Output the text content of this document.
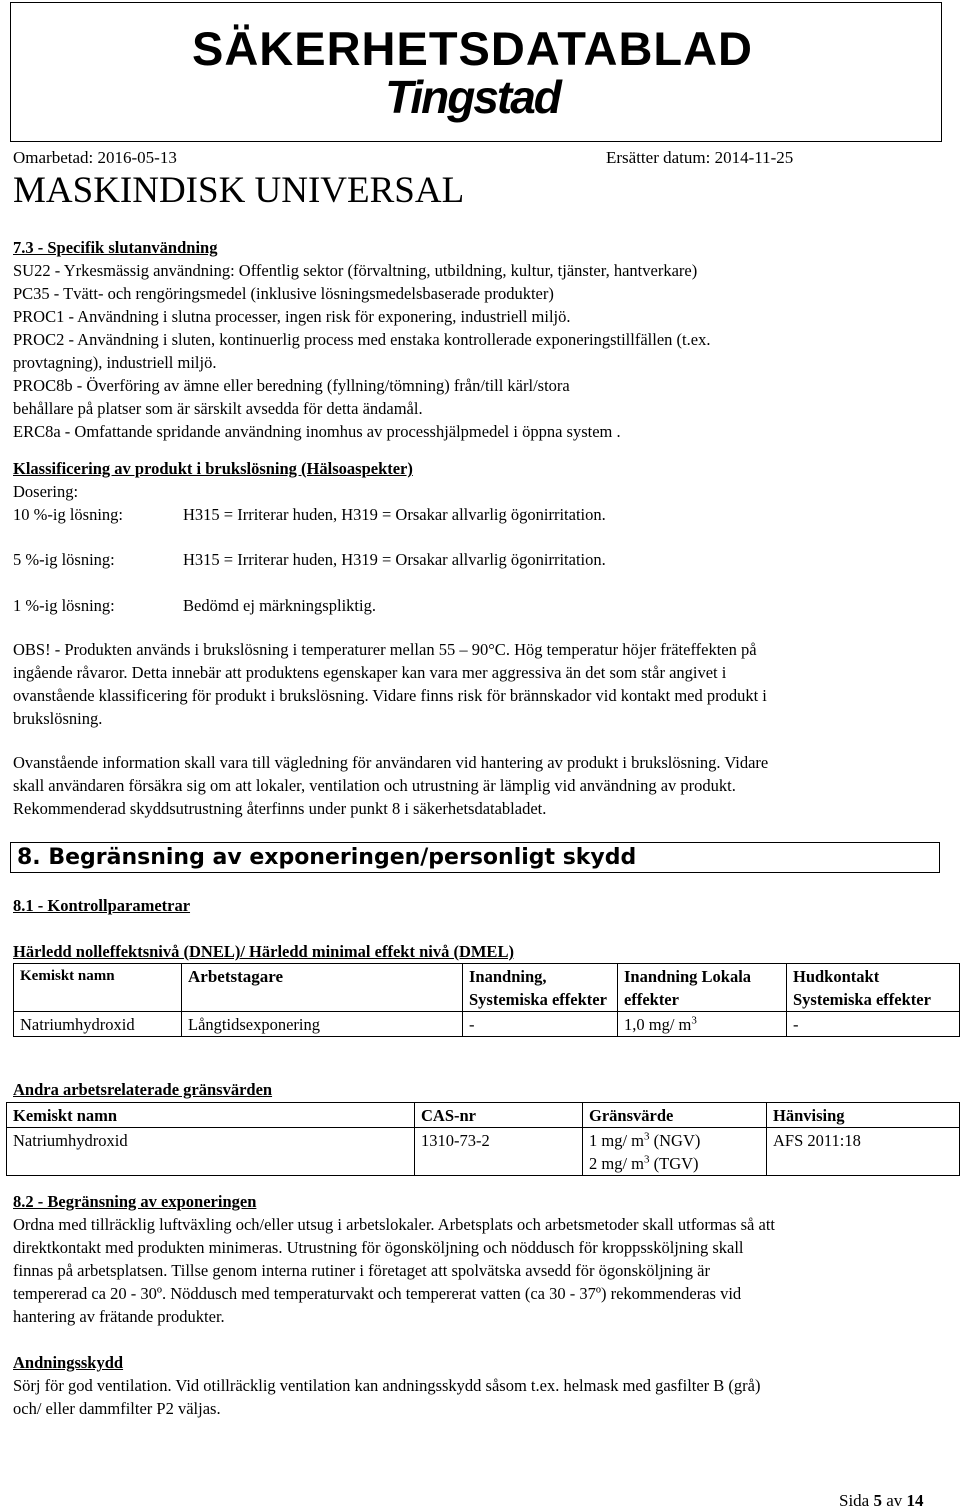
SÄKERHETSDATABLAD
Tingstad
Omarbetad: 2016-05-13	Ersätter datum: 2014-11-25
MASKINDISK UNIVERSAL

7.3 - Specifik slutanvändning

SU22 - Yrkesmässig användning: Offentlig sektor (förvaltning, utbildning, kultur, tjänster, hantverkare)

PC35 - Tvätt- och rengöringsmedel (inklusive lösningsmedelsbaserade produkter)

PROC1 - Användning i slutna processer, ingen risk för exponering, industriell miljö.

PROC2 - Användning i sluten, kontinuerlig process med enstaka kontrollerade exponeringstillfällen (t.ex.

provtagning), industriell miljö.

PROC8b - Överföring av ämne eller beredning (fyllning/tömning) från/till kärl/stora

behållare på platser som är särskilt avsedda för detta ändamål.

ERC8a - Omfattande spridande användning inomhus av processhjälpmedel i öppna system .

Klassificering av produkt i brukslösning (Hälsoaspekter)

Dosering:

10 %-ig lösning:	H315 = Irriterar huden, H319 = Orsakar allvarlig ögonirritation.
5 %-ig lösning:	H315 = Irriterar huden, H319 = Orsakar allvarlig ögonirritation.
1 %-ig lösning:	Bedömd ej märkningspliktig.

OBS! - Produkten används i brukslösning i temperaturer mellan 55 – 90°C. Hög temperatur höjer fräteffekten på

ingående råvaror. Detta innebär att produktens egenskaper kan vara mer aggressiva än det som står angivet i

ovanstående klassificering för produkt i brukslösning. Vidare finns risk för brännskador vid kontakt med produkt i

brukslösning.

Ovanstående information skall vara till vägledning för användaren vid hantering av produkt i brukslösning. Vidare

skall användaren försäkra sig om att lokaler, ventilation och utrustning är lämplig vid användning av produkt.

Rekommenderad skyddsutrustning återfinns under punkt 8 i säkerhetsdatabladet.

8. Begränsning av exponeringen/personligt skydd
8.1 - Kontrollparametrar
Härledd nolleffektsnivå (DNEL)/ Härledd minimal effekt nivå (DMEL)
Kemiskt namn	Arbetstagare	Inandning, Systemiska effekter	Inandning Lokala effekter	Hudkontakt Systemiska effekter
Natriumhydroxid	Långtidsexponering	-	1,0 mg/ $m^3$	-
Andra arbetsrelaterade gränsvärden
Kemiskt namn	CAS-nr	Gränsvärde	Hänvising
Natriumhydroxid	1310-73-2	1 mg/ $m^3$ (NGV)
2 mg/ $m^3$ (TGV)	AFS 2011:18

8.2 - Begränsning av exponeringen

Ordna med tillräcklig luftväxling och/eller utsug i arbetslokaler. Arbetsplats och arbetsmetoder skall utformas så att

direktkontakt med produkten minimeras. Utrustning för ögonsköljning och nöddusch för kroppssköljning skall

finnas på arbetsplatsen. Tillse genom interna rutiner i företaget att spolvätska avsedd för ögonsköljning är

tempererad ca 20 - 30º. Nöddusch med temperaturvakt och tempererat vatten (ca 30 - 37º) rekommenderas vid

hantering av frätande produkter.

Andningsskydd

Sörj för god ventilation. Vid otillräcklig ventilation kan andningsskydd såsom t.ex. helmask med gasfilter B (grå)

och/ eller dammfilter P2 väljas.

Sida 5 av 14
